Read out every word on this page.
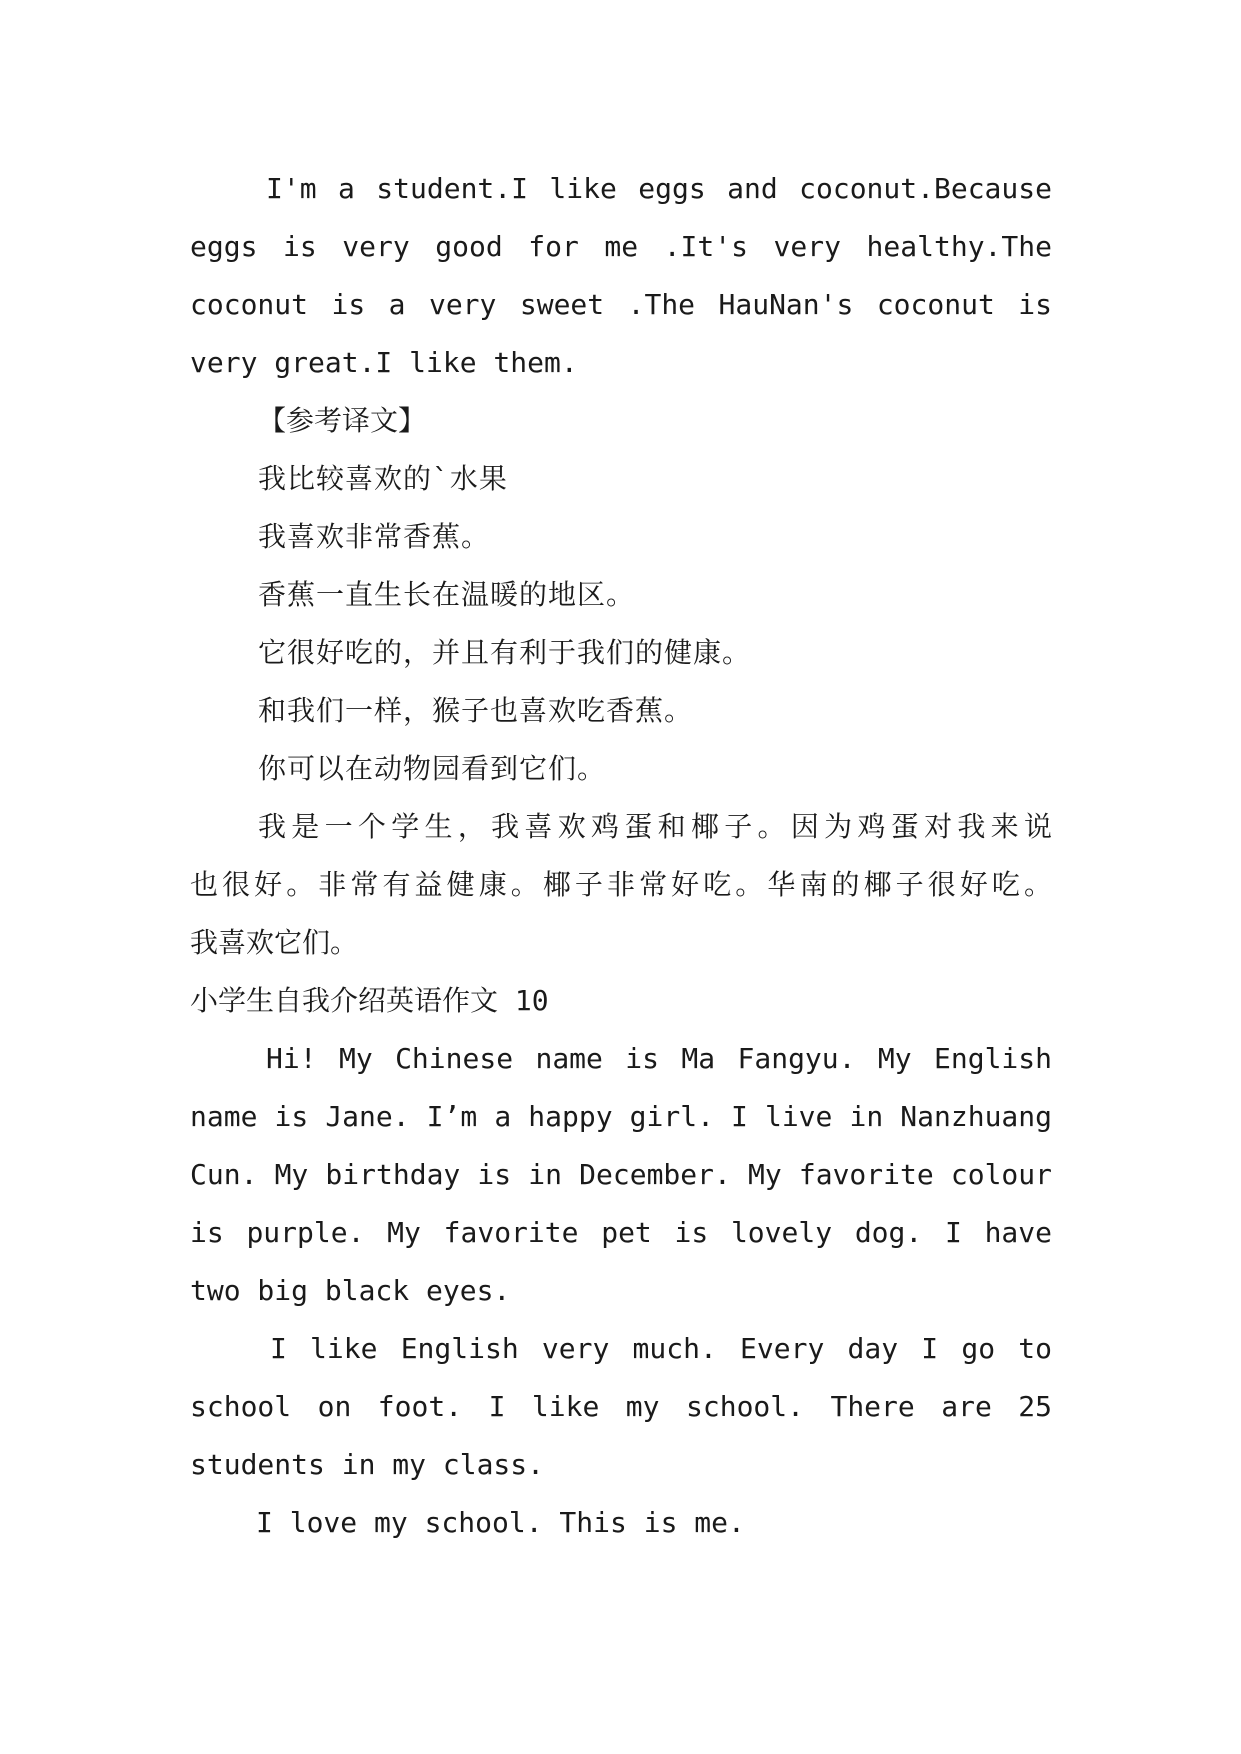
I'm a student.I like eggs and coconut.Because
eggs is very good for me .It's very healthy.The
coconut is a very sweet .The HauNan's coconut is
very great.I like them.
【参考译文】
我比较喜欢的`水果
我喜欢非常香蕉。
香蕉一直生长在温暖的地区。
它很好吃的，并且有利于我们的健康。
和我们一样，猴子也喜欢吃香蕉。
你可以在动物园看到它们。
我是一个学生，我喜欢鸡蛋和椰子。因为鸡蛋对我来说
也很好。非常有益健康。椰子非常好吃。华南的椰子很好吃。
我喜欢它们。
小学生自我介绍英语作文 10
Hi! My Chinese name is Ma Fangyu. My English
name is Jane. I’m a happy girl. I live in Nanzhuang
Cun. My birthday is in December. My favorite colour
is purple. My favorite pet is lovely dog. I have
two big black eyes.
I like English very much. Every day I go to
school on foot. I like my school. There are 25
students in my class.
I love my school. This is me.
